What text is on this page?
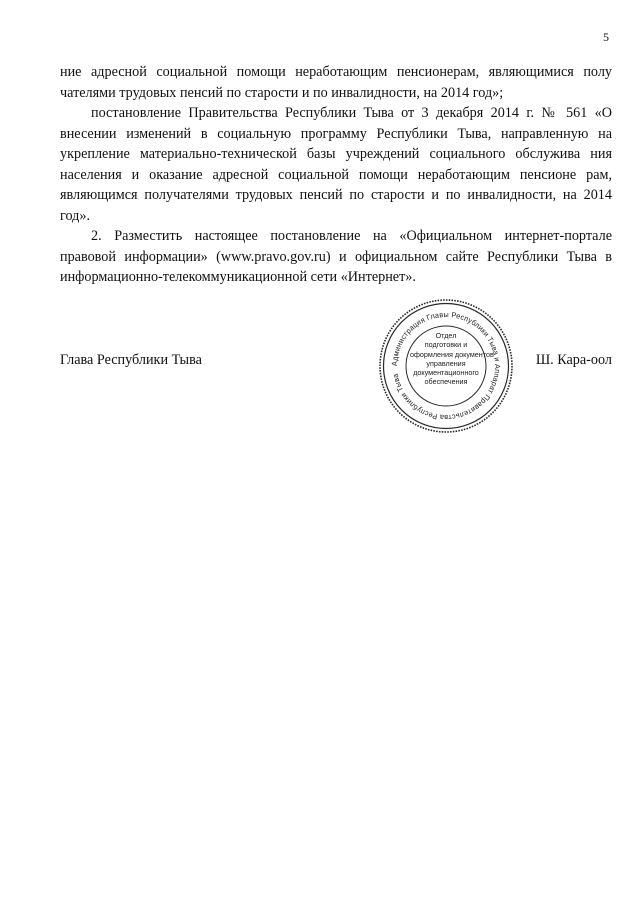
5

ние адресной социальной помощи неработающим пенсионерам, являющимися полу чателями трудовых пенсий по старости и по инвалидности, на 2014 год»;

постановление Правительства Республики Тыва от 3 декабря 2014 г. № 561 «О внесении изменений в социальную программу Республики Тыва, направленную на укрепление материально-технической базы учреждений социального обслужива ния населения и оказание адресной социальной помощи неработающим пенсионе рам, являющимся получателями трудовых пенсий по старости и по инвалидности, на 2014 год».

2. Разместить настоящее постановление на «Официальном интернет-портале правовой информации» (www.pravo.gov.ru) и официальном сайте Республики Тыва в информационно-телекоммуникационной сети «Интернет».

Глава Республики Тыва	Ш. Кара-оол
Администрация Главы Республики Тыва и Аппарат Правительства Республики Тыва
Отдел
подготовки и
оформления документов
управления
документационного
обеспечения
